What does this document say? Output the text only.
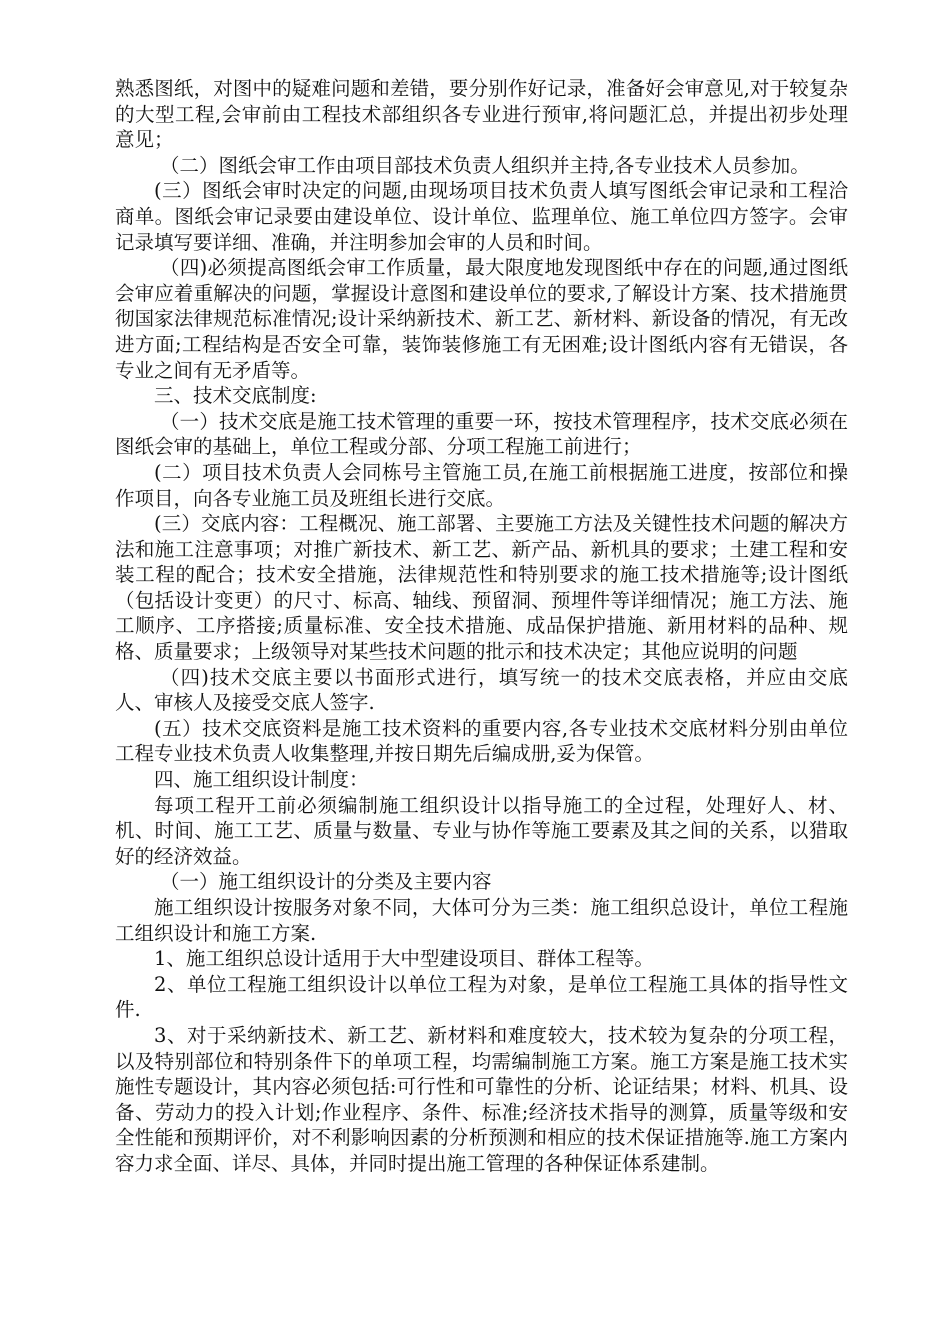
熟悉图纸，对图中的疑难问题和差错，要分别作好记录，准备好会审意见,对于较复杂的大型工程,会审前由工程技术部组织各专业进行预审,将问题汇总，并提出初步处理意见；

（二）图纸会审工作由项目部技术负责人组织并主持,各专业技术人员参加。

(三）图纸会审时决定的问题,由现场项目技术负责人填写图纸会审记录和工程洽商单。图纸会审记录要由建设单位、设计单位、监理单位、施工单位四方签字。会审记录填写要详细、准确，并注明参加会审的人员和时间。

（四)必须提高图纸会审工作质量，最大限度地发现图纸中存在的问题,通过图纸会审应着重解决的问题，掌握设计意图和建设单位的要求,了解设计方案、技术措施贯彻国家法律规范标准情况;设计采纳新技术、新工艺、新材料、新设备的情况，有无改进方面;工程结构是否安全可靠，装饰装修施工有无困难;设计图纸内容有无错误，各专业之间有无矛盾等。

三、技术交底制度:

（一）技术交底是施工技术管理的重要一环，按技术管理程序，技术交底必须在图纸会审的基础上，单位工程或分部、分项工程施工前进行；

(二）项目技术负责人会同栋号主管施工员,在施工前根据施工进度，按部位和操作项目，向各专业施工员及班组长进行交底。

(三）交底内容：工程概况、施工部署、主要施工方法及关键性技术问题的解决方法和施工注意事项；对推广新技术、新工艺、新产品、新机具的要求；土建工程和安装工程的配合；技术安全措施，法律规范性和特别要求的施工技术措施等;设计图纸（包括设计变更）的尺寸、标高、轴线、预留洞、预埋件等详细情况；施工方法、施工顺序、工序搭接;质量标准、安全技术措施、成品保护措施、新用材料的品种、规格、质量要求；上级领导对某些技术问题的批示和技术决定；其他应说明的问题

（四)技术交底主要以书面形式进行，填写统一的技术交底表格，并应由交底人、审核人及接受交底人签字.

(五）技术交底资料是施工技术资料的重要内容,各专业技术交底材料分别由单位工程专业技术负责人收集整理,并按日期先后编成册,妥为保管。

四、施工组织设计制度：

每项工程开工前必须编制施工组织设计以指导施工的全过程，处理好人、材、机、时间、施工工艺、质量与数量、专业与协作等施工要素及其之间的关系，以猎取好的经济效益。

（一）施工组织设计的分类及主要内容

施工组织设计按服务对象不同，大体可分为三类：施工组织总设计，单位工程施工组织设计和施工方案.

1、施工组织总设计适用于大中型建设项目、群体工程等。

2、单位工程施工组织设计以单位工程为对象，是单位工程施工具体的指导性文件.

3、对于采纳新技术、新工艺、新材料和难度较大，技术较为复杂的分项工程，以及特别部位和特别条件下的单项工程，均需编制施工方案。施工方案是施工技术实施性专题设计，其内容必须包括:可行性和可靠性的分析、论证结果；材料、机具、设备、劳动力的投入计划;作业程序、条件、标准;经济技术指导的测算，质量等级和安全性能和预期评价，对不利影响因素的分析预测和相应的技术保证措施等.施工方案内容力求全面、详尽、具体，并同时提出施工管理的各种保证体系建制。
